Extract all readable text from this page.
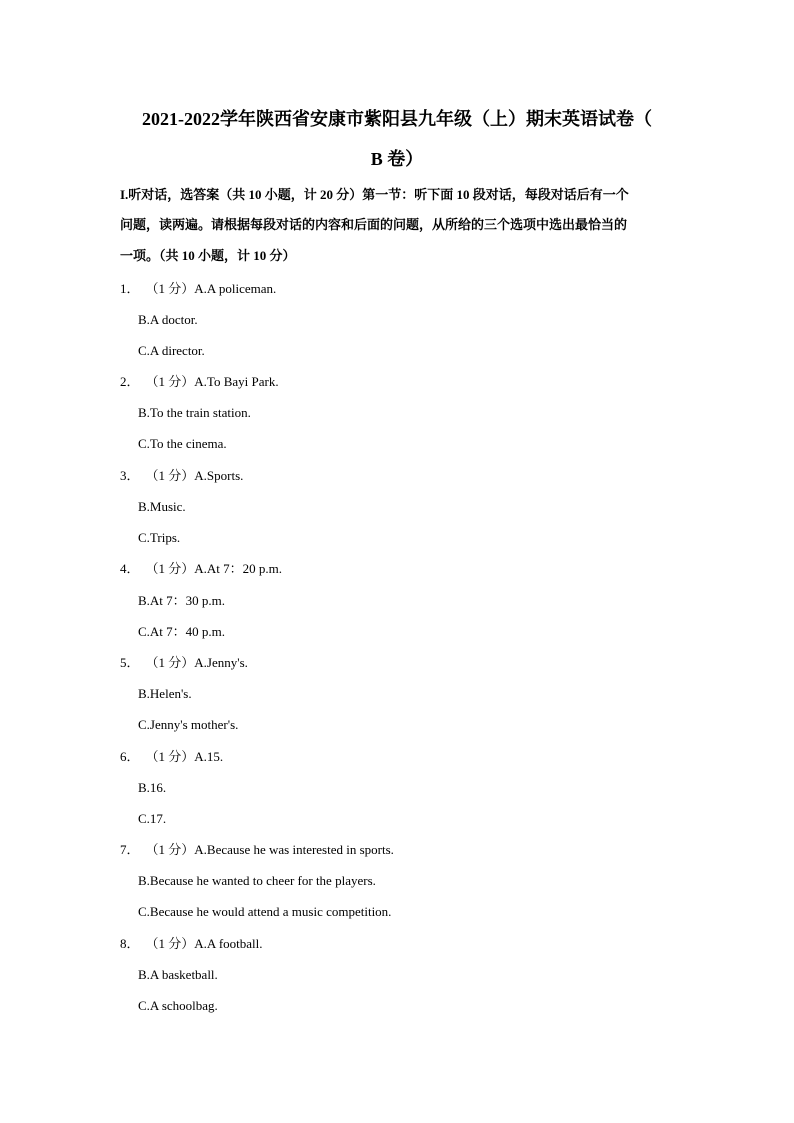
2021-2022学年陕西省安康市紫阳县九年级（上）期末英语试卷（
B 卷）
I.听对话，选答案（共 10 小题，计 20 分）第一节：听下面 10 段对话，每段对话后有一个
问题，读两遍。请根据每段对话的内容和后面的问题，从所给的三个选项中选出最恰当的
一项。（共 10 小题，计 10 分）
1． （1 分）A.A policeman.
B.A doctor.
C.A director.
2． （1 分）A.To Bayi Park.
B.To the train station.
C.To the cinema.
3． （1 分）A.Sports.
B.Music.
C.Trips.
4． （1 分）A.At 7：20 p.m.
B.At 7：30 p.m.
C.At 7：40 p.m.
5． （1 分）A.Jenny's.
B.Helen's.
C.Jenny's mother's.
6． （1 分）A.15.
B.16.
C.17.
7． （1 分）A.Because he was interested in sports.
B.Because he wanted to cheer for the players.
C.Because he would attend a music competition.
8． （1 分）A.A football.
B.A basketball.
C.A schoolbag.
